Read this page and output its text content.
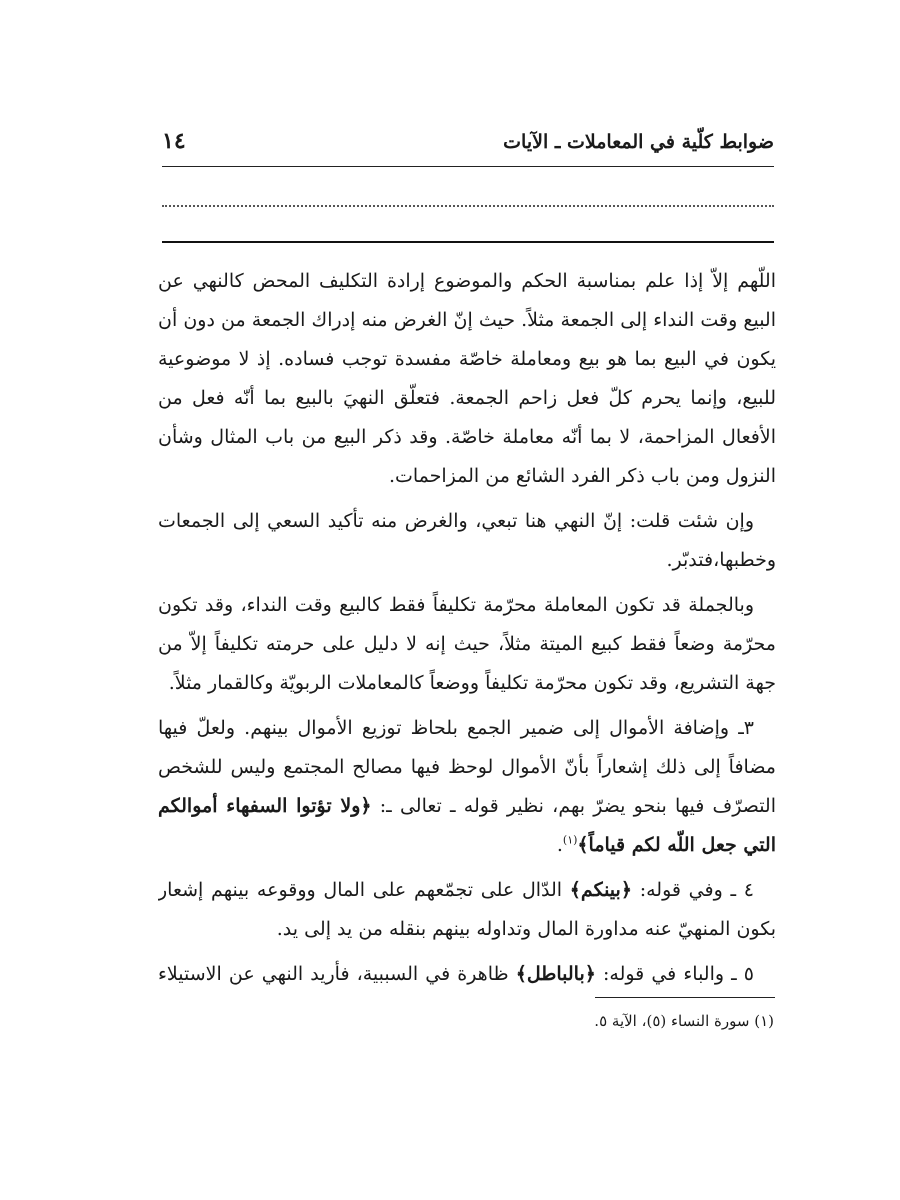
ضوابط كلّية في المعاملات ـ الآيات
١٤

اللّهم إلاّ إذا علم بمناسبة الحكم والموضوع إرادة التكليف المحض كالنهي عن البيع وقت النداء إلى الجمعة مثلاً. حيث إنّ الغرض منه إدراك الجمعة من دون أن يكون في البيع بما هو بيع ومعاملة خاصّة مفسدة توجب فساده. إذ لا موضوعية للبيع، وإنما يحرم كلّ فعل زاحم الجمعة. فتعلّق النهيَ بالبيع بما أنّه فعل من الأفعال المزاحمة، لا بما أنّه معاملة خاصّة. وقد ذكر البيع من باب المثال وشأن النزول ومن باب ذكر الفرد الشائع من المزاحمات.

وإن شئت قلت: إنّ النهي هنا تبعي، والغرض منه تأكيد السعي إلى الجمعات وخطبها،فتدبّر.

وبالجملة قد تكون المعاملة محرّمة تكليفاً فقط كالبيع وقت النداء، وقد تكون محرّمة وضعاً فقط كبيع الميتة مثلاً، حيث إنه لا دليل على حرمته تكليفاً إلاّ من جهة التشريع، وقد تكون محرّمة تكليفاً ووضعاً كالمعاملات الربويّة وكالقمار مثلاً.

٣ـ وإضافة الأموال إلى ضمير الجمع بلحاظ توزيع الأموال بينهم. ولعلّ فيها مضافاً إلى ذلك إشعاراً بأنّ الأموال لوحظ فيها مصالح المجتمع وليس للشخص التصرّف فيها بنحو يضرّ بهم، نظير قوله ـ تعالى ـ: ﴿ولا تؤتوا السفهاء أموالكم التي جعل اللّه لكم قياماً﴾$^{(١)}$.

٤ ـ وفي قوله: ﴿بينكم﴾ الدّال على تجمّعهم على المال ووقوعه بينهم إشعار بكون المنهيّ عنه مداورة المال وتداوله بينهم بنقله من يد إلى يد.

٥ ـ والباء في قوله: ﴿بالباطل﴾ ظاهرة في السببية، فأريد النهي عن الاستيلاء

(١) سورة النساء (٥)، الآية ٥.
